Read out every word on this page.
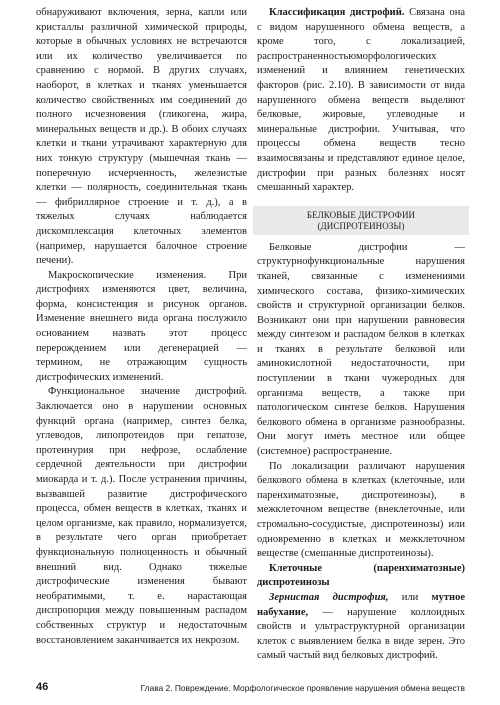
обнаруживают включения, зерна, капли или кристаллы различной химической природы, которые в обычных условиях не встречаются или их количество увеличивается по сравнению с нормой. В других случаях, наоборот, в клетках и тканях уменьшается количество свойственных им соединений до полного исчезновения (гликогена, жира, минеральных веществ и др.). В обоих случаях клетки и ткани утрачивают характерную для них тонкую структуру (мышечная ткань — поперечную исчерченность, железистые клетки — полярность, соединительная ткань — фибриллярное строение и т. д.), а в тяжелых случаях наблюдается дискомплексация клеточных элементов (например, нарушается балочное строение печени).

Макроскопические изменения. При дистрофиях изменяются цвет, величина, форма, консистенция и рисунок органов. Изменение внешнего вида органа послужило основанием назвать этот процесс перерождением или дегенерацией — термином, не отражающим сущность дистрофических изменений.

Функциональное значение дистрофий. Заключается оно в нарушении основных функций органа (например, синтез белка, углеводов, липопротеидов при гепатозе, протеинурия при нефрозе, ослабление сердечной деятельности при дистрофии миокарда и т. д.). После устранения причины, вызвавшей развитие дистрофического процесса, обмен веществ в клетках, тканях и целом организме, как правило, нормализуется, в результате чего орган приобретает функциональную полноценность и обычный внешний вид. Однако тяжелые дистрофические изменения бывают необратимыми, т. е. нарастающая диспропорция между повышенным распадом собственных структур и недостаточным восстановлением заканчивается их некрозом.

Классификация дистрофий. Связана она с видом нарушенного обмена веществ, а кроме того, с локализацией, распространенностьюморфологических изменений и влиянием генетических факторов (рис. 2.10). В зависимости от вида нарушенного обмена веществ выделяют белковые, жировые, углеводные и минеральные дистрофии. Учитывая, что процессы обмена веществ тесно взаимосвязаны и представляют единое целое, дистрофии при разных болезнях носят смешанный характер.

БЕЛКОВЫЕ ДИСТРОФИИ
(ДИСПРОТЕИНОЗЫ)

Белковые дистрофии — структурнофункциональные нарушения тканей, связанные с изменениями химического состава, физико-химических свойств и структурной организации белков. Возникают они при нарушении равновесия между синтезом и распадом белков в клетках и тканях в результате белковой или аминокислотной недостаточности, при поступлении в ткани чужеродных для организма веществ, а также при патологическом синтезе белков. Нарушения белкового обмена в организме разнообразны. Они могут иметь местное или общее (системное) распространение.

По локализации различают нарушения белкового обмена в клетках (клеточные, или паренхиматозные, диспротеинозы), в межклеточном веществе (внеклеточные, или стромально-сосудистые, диспротеинозы) или одновременно в клетках и межклеточном веществе (смешанные диспротеинозы).

Клеточные (паренхиматозные) диспротеинозы

Зернистая дистрофия, или мутное набухание, — нарушение коллоидных свойств и ультраструктурной организации клеток с выявлением белка в виде зерен. Это самый частый вид белковых дистрофий.

46	Глава 2. Повреждение. Морфологическое проявление нарушения обмена веществ
